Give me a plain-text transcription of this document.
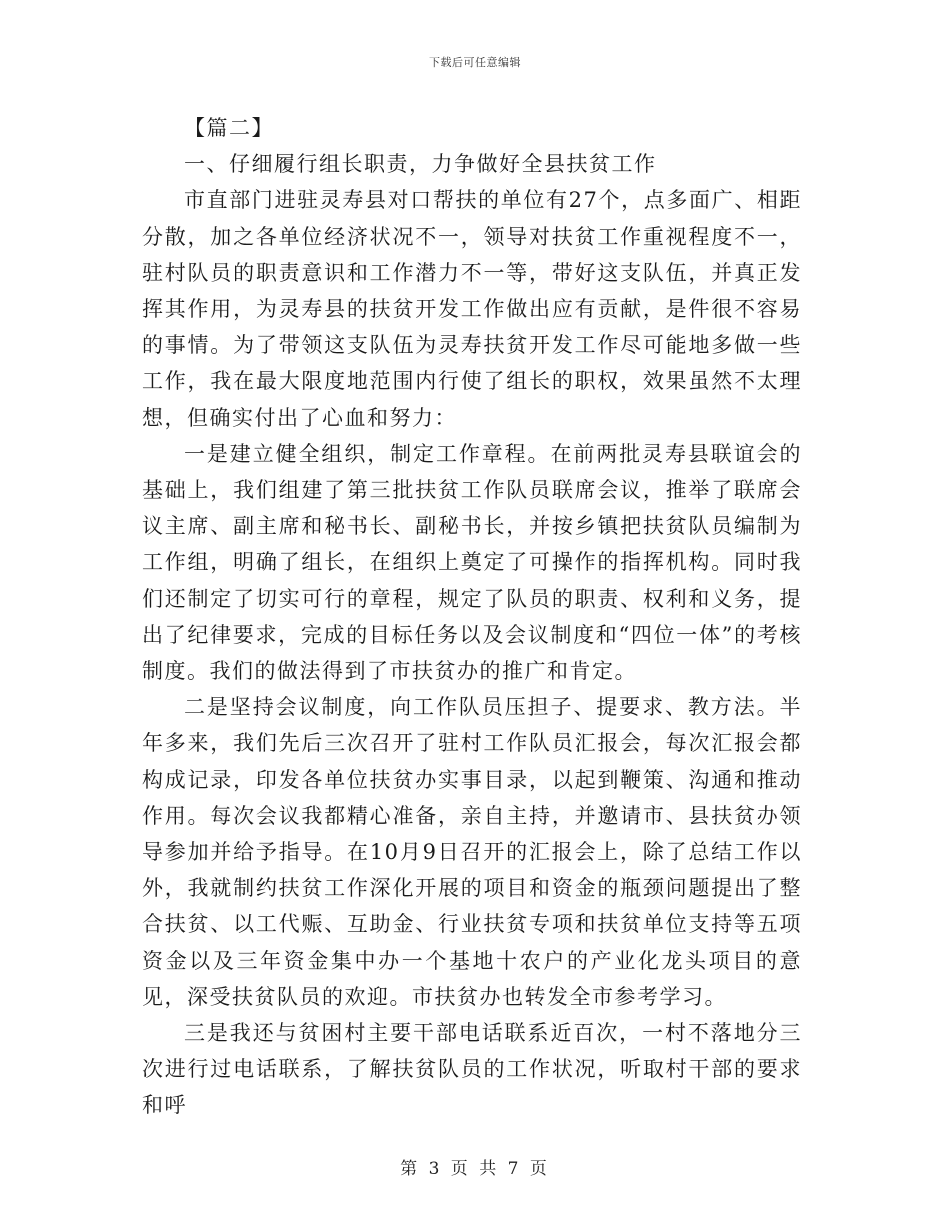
下载后可任意编辑

【篇二】

一、仔细履行组长职责，力争做好全县扶贫工作

市直部门进驻灵寿县对口帮扶的单位有27个，点多面广、相距分散，加之各单位经济状况不一，领导对扶贫工作重视程度不一，驻村队员的职责意识和工作潜力不一等，带好这支队伍，并真正发挥其作用，为灵寿县的扶贫开发工作做出应有贡献，是件很不容易的事情。为了带领这支队伍为灵寿扶贫开发工作尽可能地多做一些工作，我在最大限度地范围内行使了组长的职权，效果虽然不太理想，但确实付出了心血和努力：

一是建立健全组织，制定工作章程。在前两批灵寿县联谊会的基础上，我们组建了第三批扶贫工作队员联席会议，推举了联席会议主席、副主席和秘书长、副秘书长，并按乡镇把扶贫队员编制为工作组，明确了组长，在组织上奠定了可操作的指挥机构。同时我们还制定了切实可行的章程，规定了队员的职责、权利和义务，提出了纪律要求，完成的目标任务以及会议制度和“四位一体”的考核制度。我们的做法得到了市扶贫办的推广和肯定。

二是坚持会议制度，向工作队员压担子、提要求、教方法。半年多来，我们先后三次召开了驻村工作队员汇报会，每次汇报会都构成记录，印发各单位扶贫办实事目录，以起到鞭策、沟通和推动作用。每次会议我都精心准备，亲自主持，并邀请市、县扶贫办领导参加并给予指导。在10月9日召开的汇报会上，除了总结工作以外，我就制约扶贫工作深化开展的项目和资金的瓶颈问题提出了整合扶贫、以工代赈、互助金、行业扶贫专项和扶贫单位支持等五项资金以及三年资金集中办一个基地十农户的产业化龙头项目的意见，深受扶贫队员的欢迎。市扶贫办也转发全市参考学习。

三是我还与贫困村主要干部电话联系近百次，一村不落地分三次进行过电话联系，了解扶贫队员的工作状况，听取村干部的要求和呼

第 3 页 共 7 页
